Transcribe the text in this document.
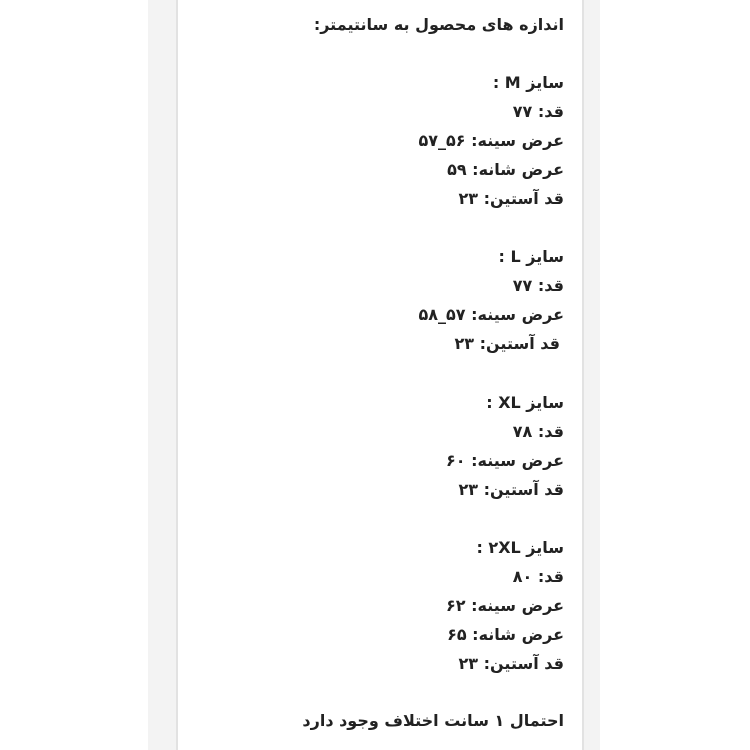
اندازه های محصول به سانتیمتر:
سایز M :
قد: ۷۷
عرض سینه: ۵۶_۵۷
عرض شانه: ۵۹
قد آستین: ۲۳
سایز L :
قد: ۷۷
عرض سینه: ۵۷_۵۸
قد آستین: ۲۳
سایز XL :
قد: ۷۸
عرض سینه: ۶۰
قد آستین: ۲۳
سایز ۲XL :
قد: ۸۰
عرض سینه: ۶۲
عرض شانه: ۶۵
قد آستین: ۲۳
احتمال ۱ سانت اختلاف وجود دارد
